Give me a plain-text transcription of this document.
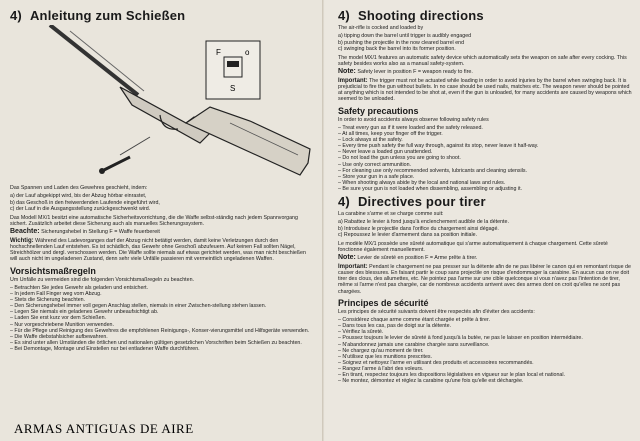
4) Anleitung zum Schießen
F	o
S
Das Spannen und Laden des Gewehres geschieht, indem:
a) der Lauf abgekippt wird, bis der Abzug hörbar einrastet,
b) das Geschoß in den freiwerdenden Laufende eingeführt wird,
c) der Lauf in die Ausgangsstellung zurückgeschwenkt wird.
Das Modell MX/1 besitzt eine automatische Sicherheitsvorrichtung, die die Waffe selbst-ständig nach jedem Spannvorgang sichert. Zusätzlich arbeitet diese Sicherung auch als manuelles Sicherungssystem.
Beachte: Sicherungshebel in Stellung F = Waffe feuerbereit
Wichtig: Während des Ladevorganges darf der Abzug nicht betätigt werden, damit keine Verletzungen durch den hochschnellenden Lauf entstehen. Es ist schädlich, das Gewehr ohne Geschoß abzufeuern. Auf keinen Fall sollten Nägel, Streichhölzer und dergl. verschossen werden. Die Waffe sollte niemals auf etwas gerichtet werden, was man nicht beschießen will auch nicht im ungeladenen Zustand, denn sehr viele Unfälle passieren mit vermeintlich ungeladenen Waffen.
Vorsichtsmaßregeln
Um Unfälle zu vermeiden sind die folgenden Vorsichtsmaßregeln zu beachten.
– Betrachten Sie jedes Gewehr als geladen und entsichert.
– In jedem Fall Finger weg vom Abzug.
– Stets die Sicherung beachten.
– Den Sicherungshebel immer voll gegen Anschlag stellen, niemals in einer Zwischen-stellung stehen lassen.
– Legen Sie niemals ein geladenes Gewehr unbeaufsichtigt ab.
– Laden Sie erst kurz vor dem Schießen.
– Nur vorgeschriebene Munition verwenden.
– Für die Pflege und Reinigung des Gewehres die empfohlenen Reinigungs-, Konser-vierungsmittel und Hilfsgeräte verwenden.
– Die Waffe diebstahlsicher aufbewahren.
– Es sind unter allen Umständen die örtlichen und nationalen gültigen gesetzlichen Vorschriften beim Schießen zu beachten.
– Bei Demontage, Montage und Einstellen nur bei entladener Waffe durchführen.
ARMAS ANTIGUAS DE AIRE
4) Shooting directions
The air-rifle is cocked and loaded by
a) tipping down the barrel until trigger is audibly engaged
b) pushing the projectile in the now cleared barrel end
c) swinging back the barrel into its former position.
The model MX/1 features an automatic safety device which automatically sets the weapon on safe after every cocking. This safety besides works also as a manual safety-system.
Note: Safety lever in position F = weapon ready to fire.
Important: The trigger must not be actuated while loading in order to avoid injuries by the barrel when swinging back. It is prejudicial to fire the gun without bullets. In no case should be used nails, matches etc. The weapon never should be pointed at anything which is not intended to be shot at, even if the gun is unloaded, for many accidents are caused by weapons which seemed to be unloaded.
Safety precautions
In order to avoid accidents always observe following safety rules
– Treat every gun as if it were loaded and the safety released.
– At all times, keep your finger off the trigger.
– Lock always at the safety.
– Every time push safety the full way through, against its stop, never leave it half-way.
– Never leave a loaded gun unattended.
– Do not load the gun unless you are going to shoot.
– Use only correct ammunition.
– For cleaning use only recommended solvents, lubricants and cleaning utensils.
– Store your gun in a safe place.
– When shooting always abide by the local and national laws and rules.
– Be sure your gun is not loaded when dissembling, assembling or adjusting it.
4) Directives pour tirer
La carabine s'arme et se charge comme suit:
a) Rabattez le levier à fond jusqu'à enclenchement audible de la détente.
b) Introduisez le projectile dans l'orifice du chargement ainsi dégagé.
c) Repoussez le levier d'armement dans sa position initiale.
Le modèle MX/1 possède une sûreté automatique qui s'arme automatiquement à chaque chargement. Cette sûreté fonctionne également manuellement.
Note: Levier de sûreté en position F = Arme prête à tirer.
Important: Pendant le chargement ne pas presser sur la détente afin de ne pas libérer le canon qui en remontant risque de causer des blessures. En faisant partir le coup sans projectile on risque d'endommager la carabine. En aucun cas on ne doit tirer des clous, des allumettes, etc. Ne pointez pas l'arme sur une cible quelconque si vous n'avez pas l'intention de tirer, même si l'arme n'est pas chargée, car de nombreux accidents arrivent avec des armes dont on croit qu'elles ne sont pas chargées.
Principes de sécurité
Les principes de sécurité suivants doivent être respectés afin d'éviter des accidents:
– Considérez chaque arme comme étant chargée et prête à tirer.
– Dans tous les cas, pas de doigt sur la détente.
– Vérifiez la sûreté.
– Poussez toujours le levier de sûreté à fond jusqu'à la butée, ne pas le laisser en position intermédiaire.
– N'abandonnez jamais une carabine chargée sans surveillance.
– Ne chargez qu'au moment de tirer.
– N'utilisez que les munitions prescrites.
– Soignez et nettoyez l'arme en utilisant des produits et accessoires recommandés.
– Rangez l'arme à l'abri des voleurs.
– En tirant, respectez toujours les dispositions législatives en vigueur sur le plan local et national.
– Ne montez, démontez et réglez la carabine qu'une fois qu'elle est déchargée.
